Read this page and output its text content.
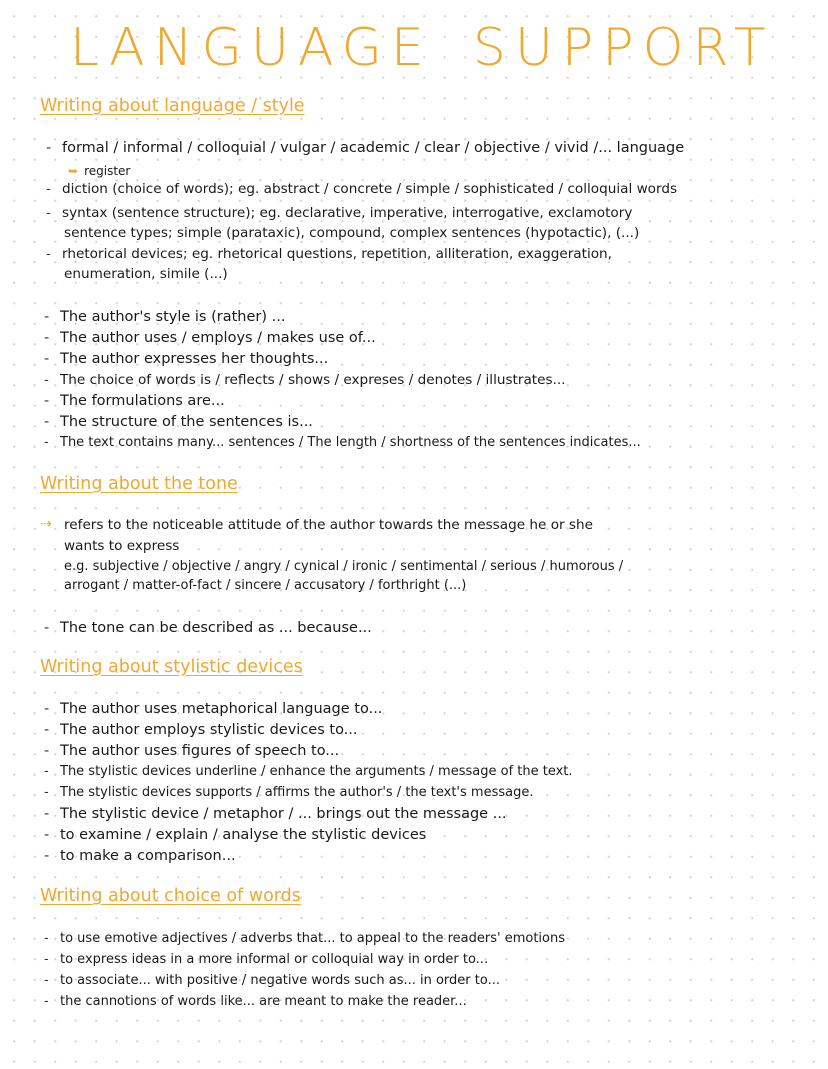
LANGUAGE SUPPORT
Writing about language / style
- formal / informal / colloquial / vulgar / academic / clear / objective / vivid /... language
➥ register
- diction (choice of words); eg. abstract / concrete / simple / sophisticated / colloquial words
- syntax (sentence structure); eg. declarative, imperative, interrogative, exclamotory
sentence types; simple (parataxic), compound, complex sentences (hypotactic), (...)
- rhetorical devices; eg. rhetorical questions, repetition, alliteration, exaggeration,
enumeration, simile (...)
- The author's style is (rather) ...
- The author uses / employs / makes use of...
- The author expresses her thoughts...
- The choice of words is / reflects / shows / expreses / denotes / illustrates...
- The formulations are...
- The structure of the sentences is...
- The text contains many... sentences / The length / shortness of the sentences indicates...
Writing about the tone
⇢ refers to the noticeable attitude of the author towards the message he or she
wants to express
e.g. subjective / objective / angry / cynical / ironic / sentimental / serious / humorous /
arrogant / matter-of-fact / sincere / accusatory / forthright (...)
- The tone can be described as ... because...
Writing about stylistic devices
- The author uses metaphorical language to...
- The author employs stylistic devices to...
- The author uses figures of speech to...
- The stylistic devices underline / enhance the arguments / message of the text.
- The stylistic devices supports / affirms the author's / the text's message.
- The stylistic device / metaphor / ... brings out the message ...
- to examine / explain / analyse the stylistic devices
- to make a comparison...
Writing about choice of words
- to use emotive adjectives / adverbs that... to appeal to the readers' emotions
- to express ideas in a more informal or colloquial way in order to...
- to associate... with positive / negative words such as... in order to...
- the cannotions of words like... are meant to make the reader...
